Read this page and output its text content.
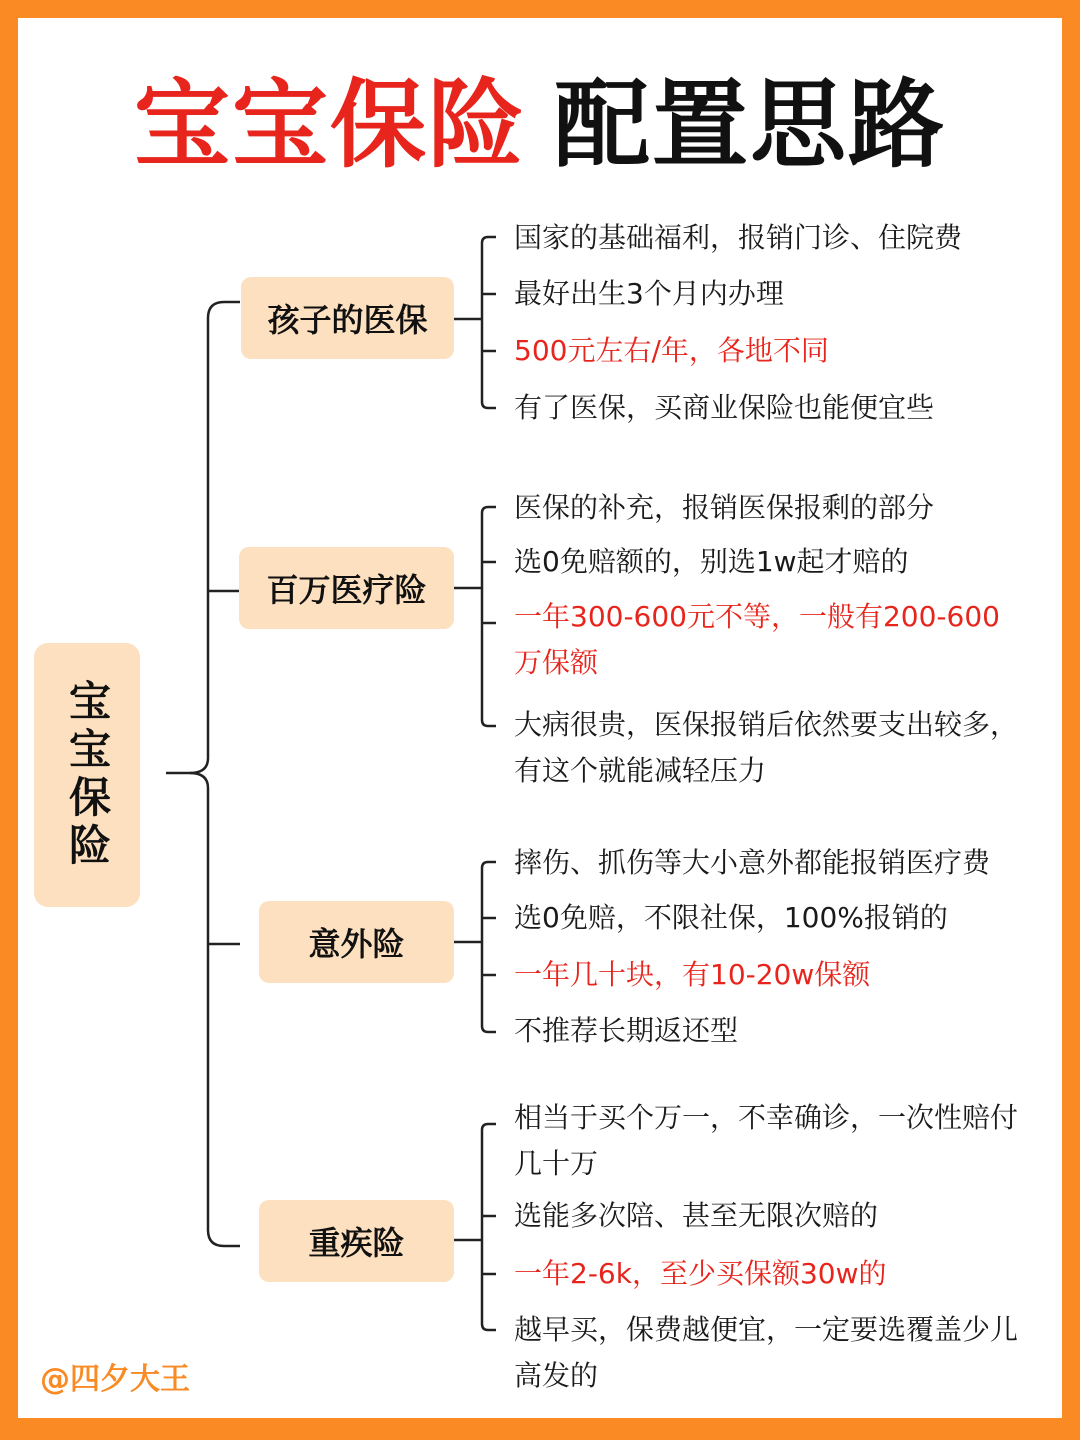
宝宝保险 配置思路
宝宝保险
孩子的医保
百万医疗险
意外险
重疾险
国家的基础福利，报销门诊、住院费
最好出生3个月内办理
500元左右/年，各地不同
有了医保，买商业保险也能便宜些
医保的补充，报销医保报剩的部分
选0免赔额的，别选1w起才赔的
一年300-600元不等，一般有200-600万保额
大病很贵，医保报销后依然要支出较多，有这个就能减轻压力
摔伤、抓伤等大小意外都能报销医疗费
选0免赔，不限社保，100%报销的
一年几十块，有10-20w保额
不推荐长期返还型
相当于买个万一，不幸确诊，一次性赔付几十万
选能多次陪、甚至无限次赔的
一年2-6k，至少买保额30w的
越早买，保费越便宜，一定要选覆盖少儿高发的
@四夕大王
